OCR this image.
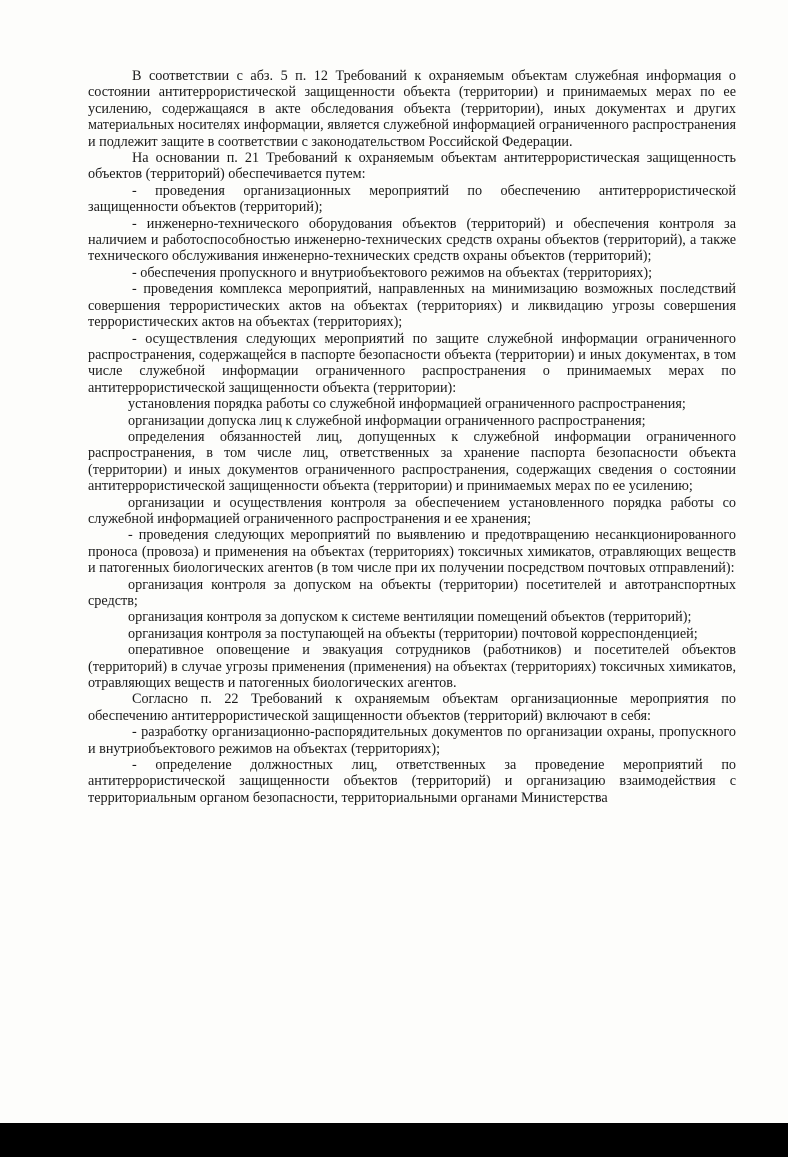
В соответствии с абз. 5 п. 12 Требований к охраняемым объектам служебная информация о состоянии антитеррористической защищенности объекта (территории) и принимаемых мерах по ее усилению, содержащаяся в акте обследования объекта (территории), иных документах и других материальных носителях информации, является служебной информацией ограниченного распространения и подлежит защите в соответствии с законодательством Российской Федерации.

На основании п. 21 Требований к охраняемым объектам антитеррористическая защищенность объектов (территорий) обеспечивается путем:

- проведения организационных мероприятий по обеспечению антитеррористической защищенности объектов (территорий);

- инженерно-технического оборудования объектов (территорий) и обеспечения контроля за наличием и работоспособностью инженерно-технических средств охраны объектов (территорий), а также технического обслуживания инженерно-технических средств охраны объектов (территорий);

- обеспечения пропускного и внутриобъектового режимов на объектах (территориях);

- проведения комплекса мероприятий, направленных на минимизацию возможных последствий совершения террористических актов на объектах (территориях) и ликвидацию угрозы совершения террористических актов на объектах (территориях);

- осуществления следующих мероприятий по защите служебной информации ограниченного распространения, содержащейся в паспорте безопасности объекта (территории) и иных документах, в том числе служебной информации ограниченного распространения о принимаемых мерах по антитеррористической защищенности объекта (территории):

установления порядка работы со служебной информацией ограниченного распространения;

организации допуска лиц к служебной информации ограниченного распространения;

определения обязанностей лиц, допущенных к служебной информации ограниченного распространения, в том числе лиц, ответственных за хранение паспорта безопасности объекта (территории) и иных документов ограниченного распространения, содержащих сведения о состоянии антитеррористической защищенности объекта (территории) и принимаемых мерах по ее усилению;

организации и осуществления контроля за обеспечением установленного порядка работы со служебной информацией ограниченного распространения и ее хранения;

- проведения следующих мероприятий по выявлению и предотвращению несанкционированного проноса (провоза) и применения на объектах (территориях) токсичных химикатов, отравляющих веществ и патогенных биологических агентов (в том числе при их получении посредством почтовых отправлений):

организация контроля за допуском на объекты (территории) посетителей и автотранспортных средств;

организация контроля за допуском к системе вентиляции помещений объектов (территорий);

организация контроля за поступающей на объекты (территории) почтовой корреспонденцией;

оперативное оповещение и эвакуация сотрудников (работников) и посетителей объектов (территорий) в случае угрозы применения (применения) на объектах (территориях) токсичных химикатов, отравляющих веществ и патогенных биологических агентов.

Согласно п. 22 Требований к охраняемым объектам организационные мероприятия по обеспечению антитеррористической защищенности объектов (территорий) включают в себя:

- разработку организационно-распорядительных документов по организации охраны, пропускного и внутриобъектового режимов на объектах (территориях);

- определение должностных лиц, ответственных за проведение мероприятий по антитеррористической защищенности объектов (территорий) и организацию взаимодействия с территориальным органом безопасности, территориальными органами Министерства
